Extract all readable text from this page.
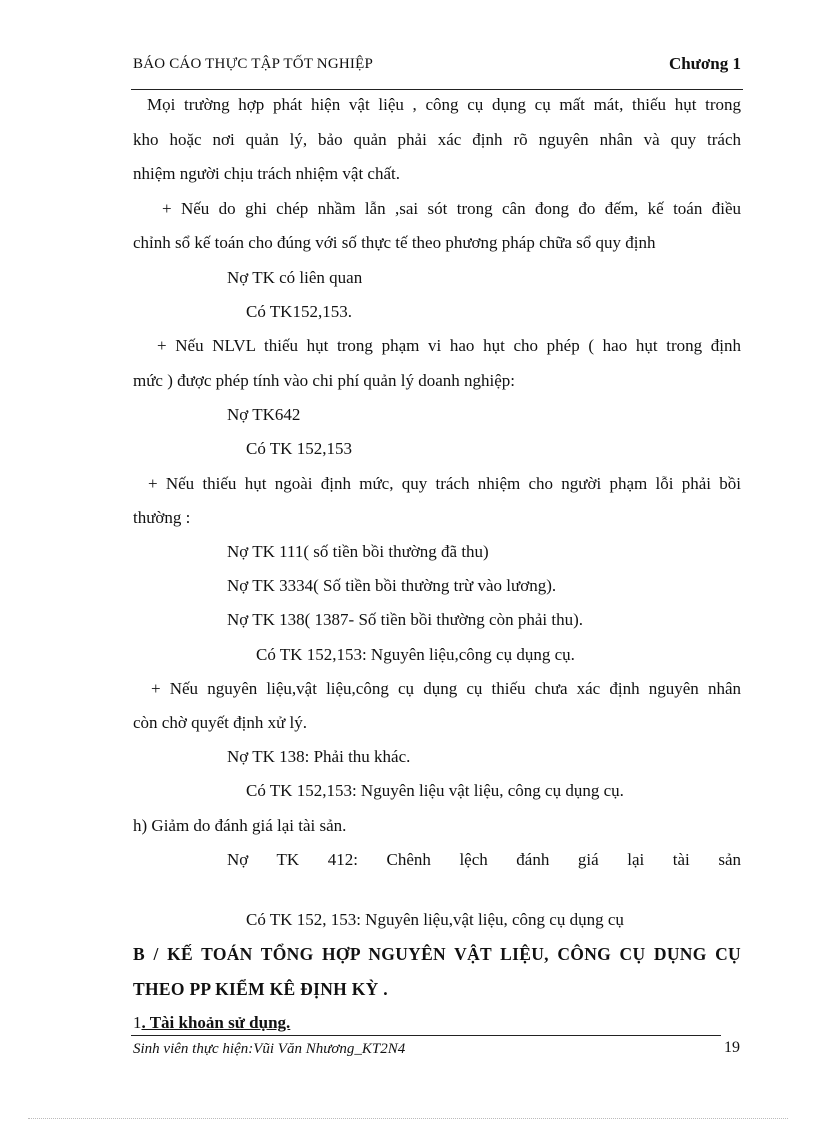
BÁO CÁO THỰC TẬP TỐT NGHIỆP	Chương 1
Mọi trường hợp phát hiện vật liệu , công cụ dụng cụ mất mát, thiếu hụt trong
kho hoặc nơi quản lý, bảo quản phải xác định rõ nguyên nhân và quy trách
nhiệm người chịu trách nhiệm vật chất.
+ Nếu do ghi chép nhầm lẫn ,sai sót trong cân đong đo đếm, kế toán điều
chỉnh sổ kế toán cho đúng với số thực tế theo phương pháp chữa sổ quy định
Nợ TK có liên quan
Có TK152,153.
+ Nếu NLVL thiếu hụt trong phạm vi hao hụt cho phép ( hao hụt trong định
mức ) được phép tính vào chi phí quản lý doanh nghiệp:
Nợ TK642
Có TK 152,153
+ Nếu thiếu hụt ngoài định mức, quy trách nhiệm cho người phạm lỗi phải bồi
thường :
Nợ TK 111( số tiền bồi thường đã thu)
Nợ TK 3334( Số tiền bồi thường trừ vào lương).
Nợ TK 138( 1387- Số tiền bồi thường còn phải thu).
Có TK 152,153: Nguyên liệu,công cụ dụng cụ.
+ Nếu nguyên liệu,vật liệu,công cụ dụng cụ thiếu chưa xác định nguyên nhân
còn chờ quyết định xử lý.
Nợ TK 138: Phải thu khác.
Có TK 152,153: Nguyên liệu vật liệu, công cụ dụng cụ.
h) Giảm do đánh giá lại tài sản.
Nợ TK 412: Chênh lệch đánh giá lại tài sản
Có TK 152, 153: Nguyên liệu,vật liệu, công cụ dụng cụ
B / KẾ TOÁN TỔNG HỢP NGUYÊN VẬT LIỆU, CÔNG CỤ DỤNG CỤ
THEO PP KIỂM KÊ ĐỊNH KỲ .
1. Tài khoản sử dụng.
Sinh viên thực hiện:Vũi Văn Nhương_KT2N4	19
